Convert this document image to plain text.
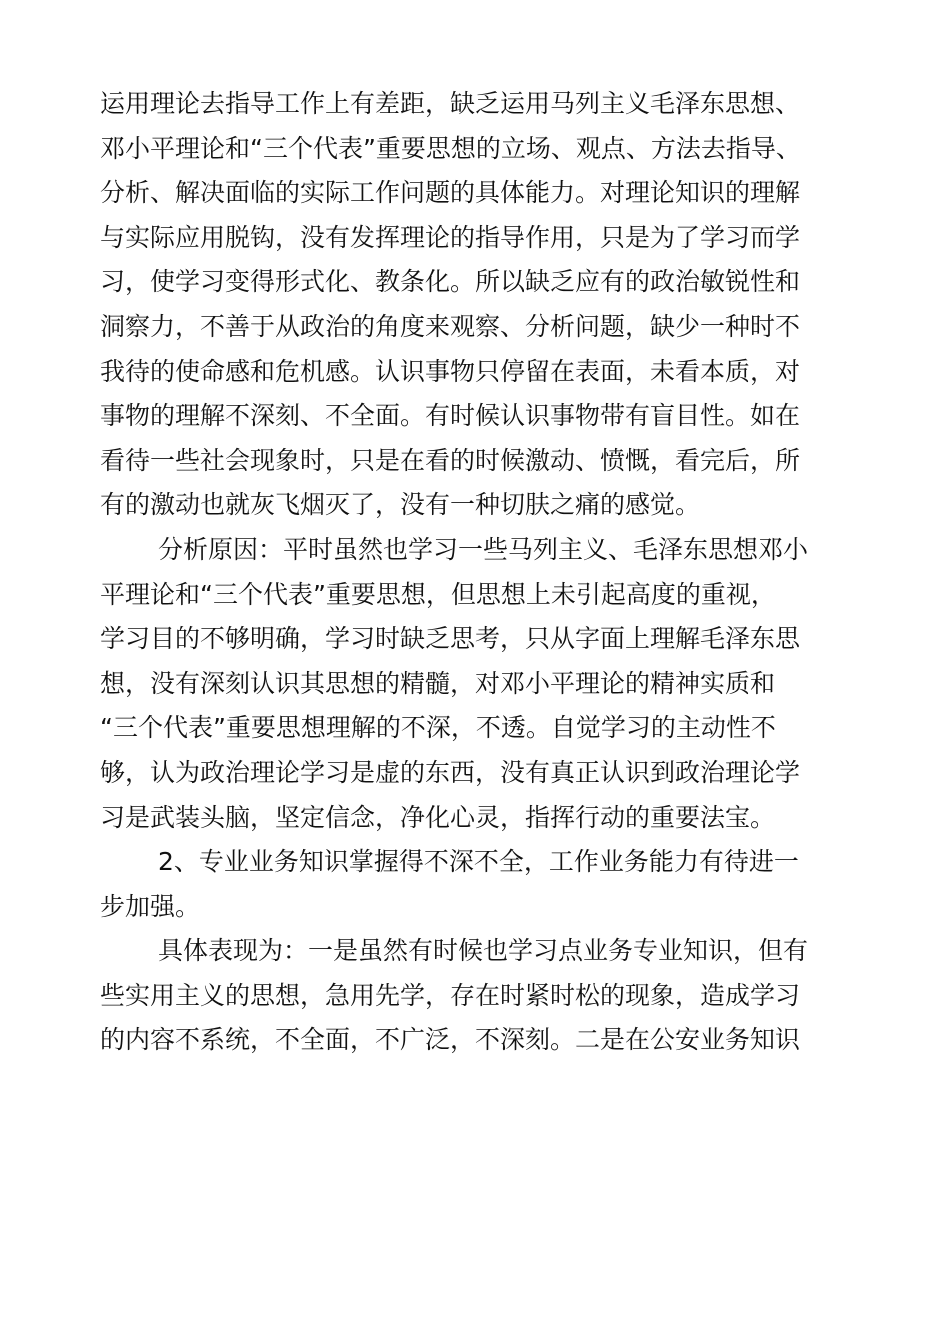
运用理论去指导工作上有差距，缺乏运用马列主义毛泽东思想、
邓小平理论和“三个代表”重要思想的立场、观点、方法去指导、
分析、解决面临的实际工作问题的具体能力。对理论知识的理解
与实际应用脱钩，没有发挥理论的指导作用，只是为了学习而学
习，使学习变得形式化、教条化。所以缺乏应有的政治敏锐性和
洞察力，不善于从政治的角度来观察、分析问题，缺少一种时不
我待的使命感和危机感。认识事物只停留在表面，未看本质，对
事物的理解不深刻、不全面。有时候认识事物带有盲目性。如在
看待一些社会现象时，只是在看的时候激动、愤慨，看完后，所
有的激动也就灰飞烟灭了，没有一种切肤之痛的感觉。
分析原因：平时虽然也学习一些马列主义、毛泽东思想邓小
平理论和“三个代表”重要思想，但思想上未引起高度的重视，
学习目的不够明确，学习时缺乏思考，只从字面上理解毛泽东思
想，没有深刻认识其思想的精髓，对邓小平理论的精神实质和
“三个代表”重要思想理解的不深，不透。自觉学习的主动性不
够，认为政治理论学习是虚的东西，没有真正认识到政治理论学
习是武装头脑，坚定信念，净化心灵，指挥行动的重要法宝。
2、专业业务知识掌握得不深不全，工作业务能力有待进一
步加强。
具体表现为：一是虽然有时候也学习点业务专业知识，但有
些实用主义的思想，急用先学，存在时紧时松的现象，造成学习
的内容不系统，不全面，不广泛，不深刻。二是在公安业务知识
